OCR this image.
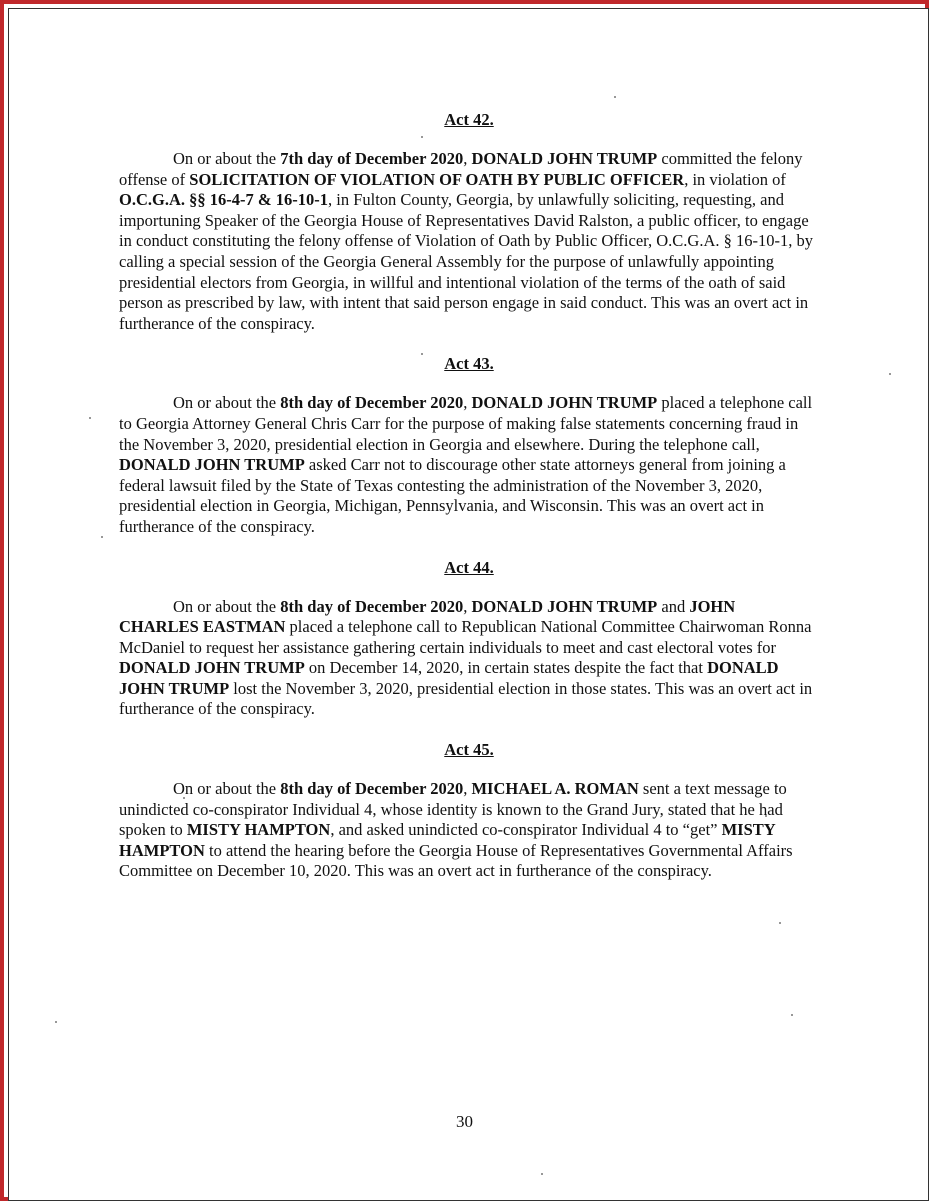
Act 42.

On or about the 7th day of December 2020, DONALD JOHN TRUMP committed the felony offense of SOLICITATION OF VIOLATION OF OATH BY PUBLIC OFFICER, in violation of O.C.G.A. §§ 16-4-7 & 16-10-1, in Fulton County, Georgia, by unlawfully soliciting, requesting, and importuning Speaker of the Georgia House of Representatives David Ralston, a public officer, to engage in conduct constituting the felony offense of Violation of Oath by Public Officer, O.C.G.A. § 16-10-1, by calling a special session of the Georgia General Assembly for the purpose of unlawfully appointing presidential electors from Georgia, in willful and intentional violation of the terms of the oath of said person as prescribed by law, with intent that said person engage in said conduct. This was an overt act in furtherance of the conspiracy.

Act 43.

On or about the 8th day of December 2020, DONALD JOHN TRUMP placed a telephone call to Georgia Attorney General Chris Carr for the purpose of making false statements concerning fraud in the November 3, 2020, presidential election in Georgia and elsewhere. During the telephone call, DONALD JOHN TRUMP asked Carr not to discourage other state attorneys general from joining a federal lawsuit filed by the State of Texas contesting the administration of the November 3, 2020, presidential election in Georgia, Michigan, Pennsylvania, and Wisconsin. This was an overt act in furtherance of the conspiracy.

Act 44.

On or about the 8th day of December 2020, DONALD JOHN TRUMP and JOHN CHARLES EASTMAN placed a telephone call to Republican National Committee Chairwoman Ronna McDaniel to request her assistance gathering certain individuals to meet and cast electoral votes for DONALD JOHN TRUMP on December 14, 2020, in certain states despite the fact that DONALD JOHN TRUMP lost the November 3, 2020, presidential election in those states. This was an overt act in furtherance of the conspiracy.

Act 45.

On or about the 8th day of December 2020, MICHAEL A. ROMAN sent a text message to unindicted co-conspirator Individual 4, whose identity is known to the Grand Jury, stated that he had spoken to MISTY HAMPTON, and asked unindicted co-conspirator Individual 4 to “get” MISTY HAMPTON to attend the hearing before the Georgia House of Representatives Governmental Affairs Committee on December 10, 2020. This was an overt act in furtherance of the conspiracy.

30
